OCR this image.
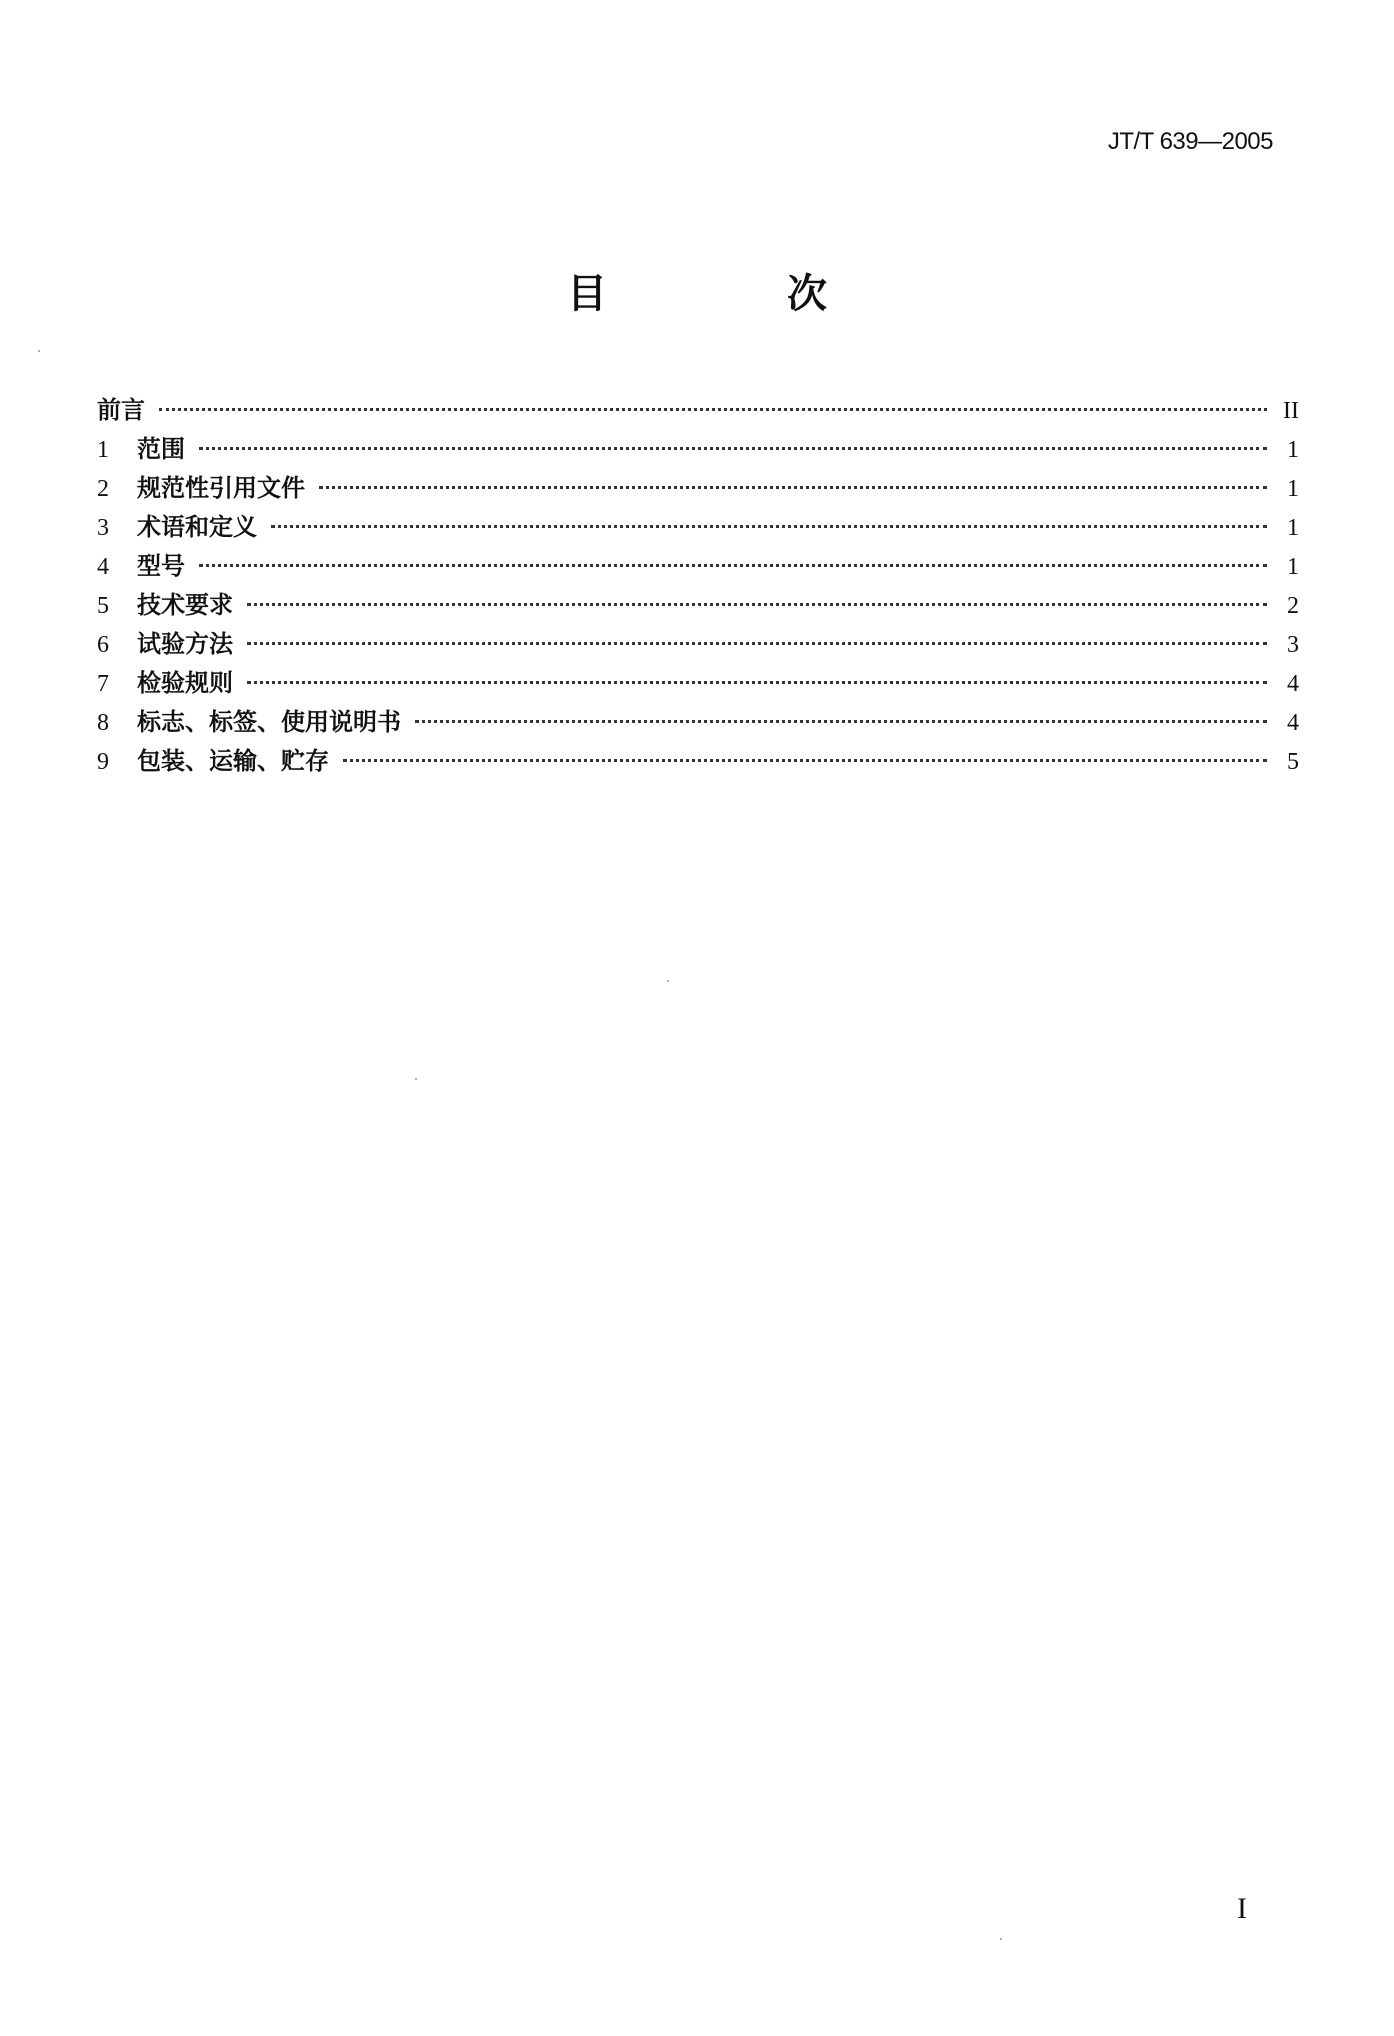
JT/T 639—2005
目　次
前言	II
1	范围	1
2	规范性引用文件	1
3	术语和定义	1
4	型号	1
5	技术要求	2
6	试验方法	3
7	检验规则	4
8	标志、标签、使用说明书	4
9	包装、运输、贮存	5
I
